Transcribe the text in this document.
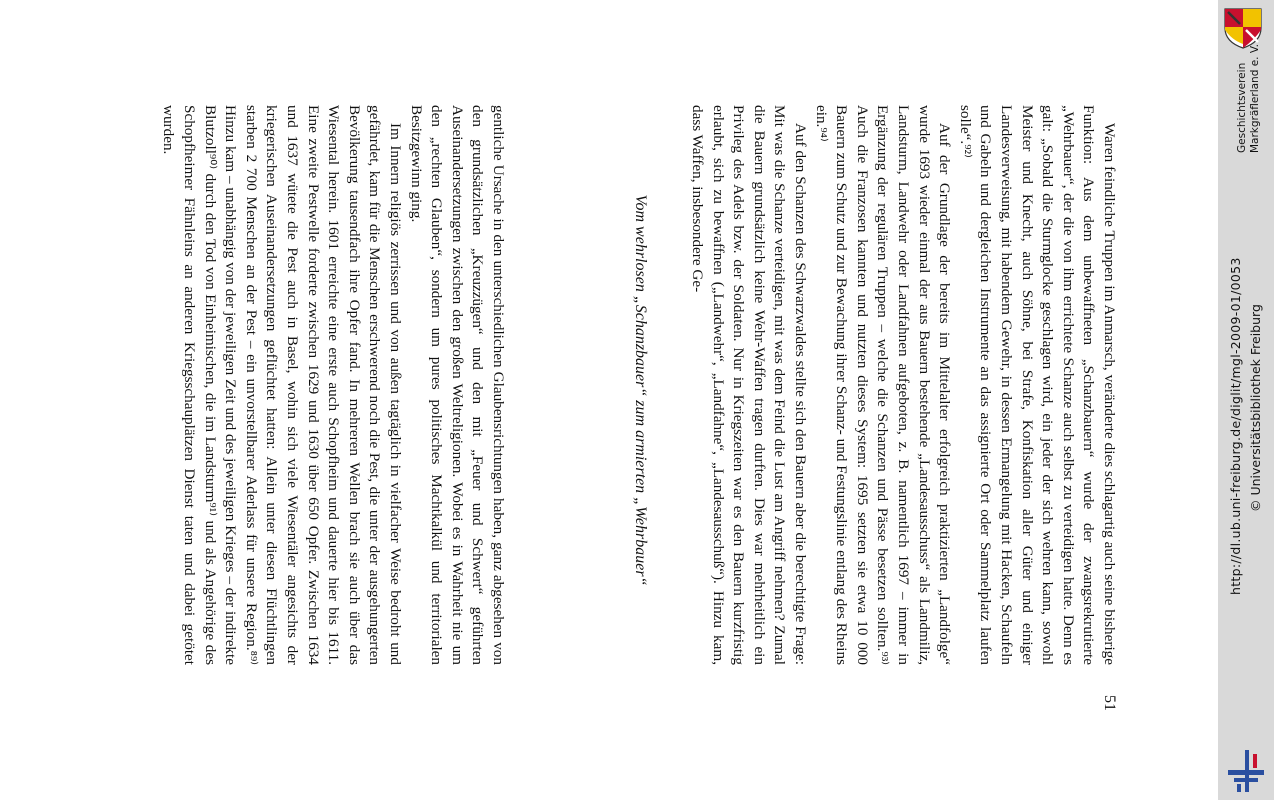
gentliche Ursache in den unterschiedlichen Glaubensrichtungen haben, ganz abgesehen von den grundsätzlichen „Kreuzzügen“ und den mit „Feuer und Schwert“ geführten Auseinandersetzungen zwischen den großen Weltreligionen. Wobei es in Wahrheit nie um den „rechten Glauben“, sondern um pures politisches Machtkalkül und territorialen Besitzgewinn ging.

Im Innern religiös zerrissen und von außen tagtäglich in vielfacher Weise bedroht und gefährdet, kam für die Menschen erschwerend noch die Pest, die unter der ausgehungerten Bevölkerung tausendfach ihre Opfer fand. In mehreren Wellen brach sie auch über das Wiesental herein. 1601 erreichte eine erste auch Schopfheim und dauerte hier bis 1611. Eine zweite Pestwelle forderte zwischen 1629 und 1630 über 650 Opfer. Zwischen 1634 und 1637 wütete die Pest auch in Basel, wohin sich viele Wiesentäler angesichts der kriegerischen Auseinandersetzungen geflüchtet hatten: Allein unter diesen Flüchtlingen starben 2 700 Menschen an der Pest – ein unvorstellbarer Aderlass für unsere Region.⁸⁹⁾ Hinzu kam – unabhängig von der jeweiligen Zeit und des jeweiligen Krieges – der indirekte Blutzoll⁹⁰⁾ durch den Tod von Einheimischen, die im Landsturm⁹¹⁾ und als Angehörige des Schopfheimer Fähnleins an anderen Kriegsschauplätzen Dienst taten und dabei getötet wurden.

Vom wehrlosen „Schanzbauer“ zum armierten „Wehrbauer“	Waren feindliche Truppen im Anmarsch, veränderte dies schlagartig auch seine bisherige Funktion: Aus dem unbewaffneten „Schanzbauern“ wurde der zwangsrekrutierte „Wehrbauer“, der die von ihm errichtete Schanze auch selbst zu verteidigen hatte. Denn es galt: „Sobald die Sturmglocke geschlagen wird, ein jeder der sich wehren kann, sowohl Meister und Knecht, auch Söhne, bei Strafe, Konfiskation aller Güter und einiger Landesverweisung, mit habendem Gewehr, in dessen Ermangelung mit Hacken, Schaufeln und Gabeln und dergleichen Instrumente an das assignierte Ort oder Sammelplatz laufen solle“.⁹²⁾

Auf der Grundlage der bereits im Mittelalter erfolgreich praktizierten „Landfolge“ wurde 1693 wieder einmal der aus Bauern bestehende „Landesausschuss“ als Landmiliz, Landsturm, Landwehr oder Landfahnen aufgeboten, z. B. namentlich 1697 – immer in Ergänzung der regulären Truppen – welche die Schanzen und Pässe besetzen sollten.⁹³⁾ Auch die Franzosen kannten und nutzten dieses System: 1695 setzten sie etwa 10 000 Bauern zum Schutz und zur Bewachung ihrer Schanz- und Festungslinie entlang des Rheins ein.⁹⁴⁾

Auf den Schanzen des Schwarzwaldes stellte sich den Bauern aber die berechtigte Frage: Mit was die Schanze verteidigen, mit was dem Feind die Lust am Angriff nehmen? Zumal die Bauern grundsätzlich keine Wehr-Waffen tragen durften. Dies war mehrheitlich ein Privileg des Adels bzw. der Soldaten. Nur in Kriegszeiten war es den Bauern kurzfristig erlaubt, sich zu bewaffnen („Landwehr“, „Landfahne“, „Landesausschuß“). Hinzu kam, dass Waffen, insbesondere Ge-

51
http://dl.ub.uni-freiburg.de/diglit/mgl-2009-01/0053 © Universitätsbibliothek Freiburg
Geschichtsverein Markgräflerland e. V.
